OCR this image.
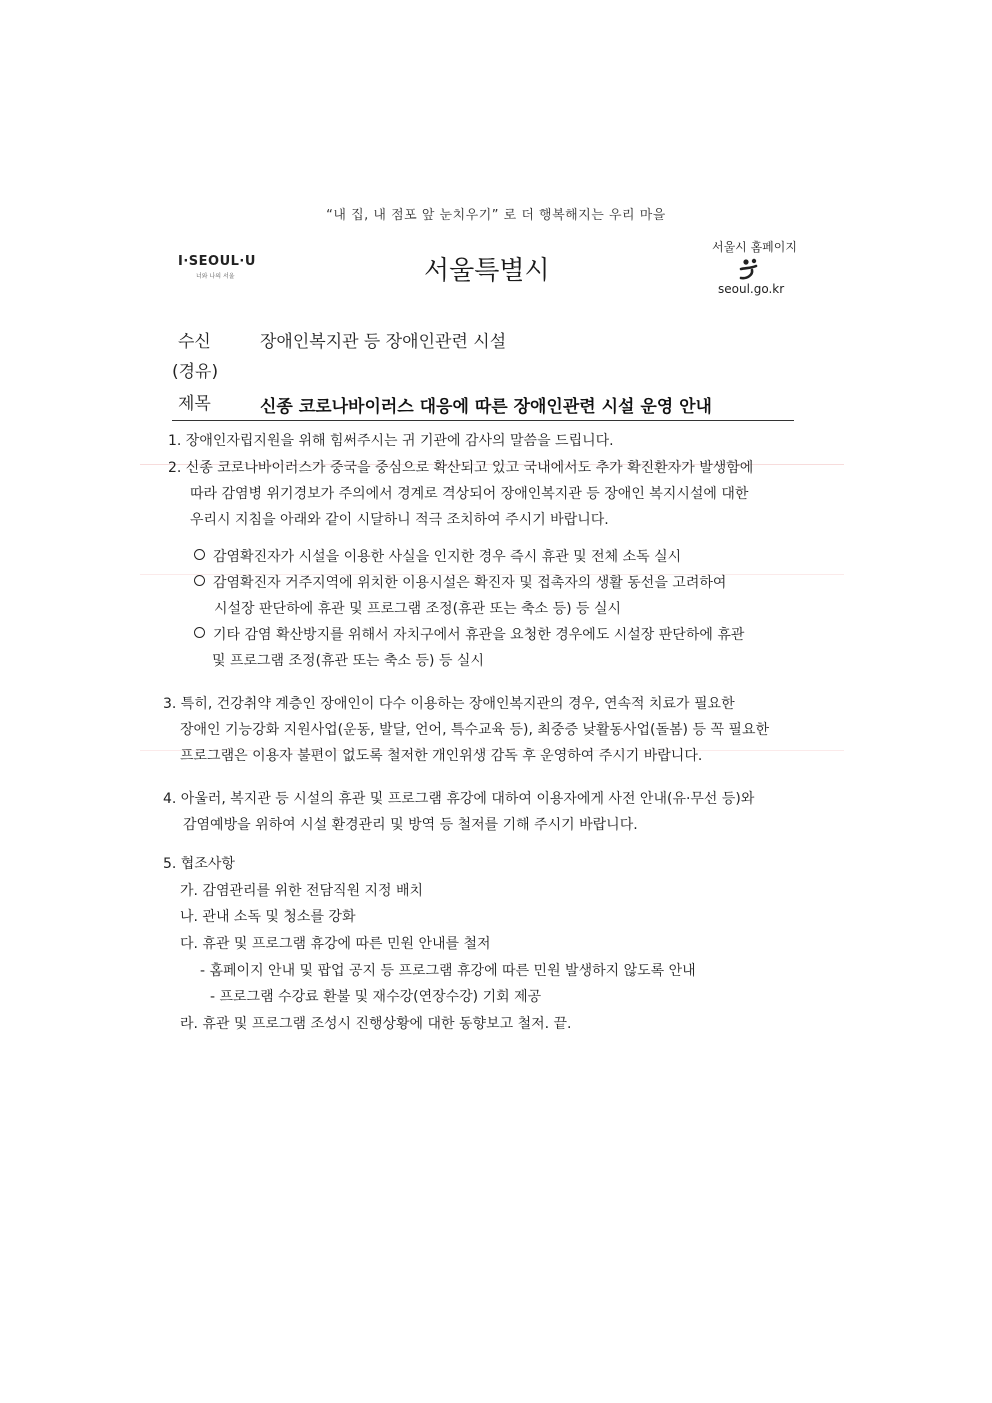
“내 집, 내 점포 앞 눈치우기” 로 더 행복해지는 우리 마을
I·SEOUL·U
너와 나의 서울	서울특별시
서울시 홈페이지
seoul.go.kr
수신	장애인복지관 등 장애인관련 시설
(경유)
제목	신종 코로나바이러스 대응에 따른 장애인관련 시설 운영 안내
1. 장애인자립지원을 위해 힘써주시는 귀 기관에 감사의 말씀을 드립니다.
2. 신종 코로나바이러스가 중국을 중심으로 확산되고 있고 국내에서도 추가 확진환자가 발생함에
따라 감염병 위기경보가 주의에서 경계로 격상되어 장애인복지관 등 장애인 복지시설에 대한
우리시 지침을 아래와 같이 시달하니 적극 조치하여 주시기 바랍니다.
감염확진자가 시설을 이용한 사실을 인지한 경우 즉시 휴관 및 전체 소독 실시
감염확진자 거주지역에 위치한 이용시설은 확진자 및 접촉자의 생활 동선을 고려하여
시설장 판단하에 휴관 및 프로그램 조정(휴관 또는 축소 등) 등 실시
기타 감염 확산방지를 위해서 자치구에서 휴관을 요청한 경우에도 시설장 판단하에 휴관
및 프로그램 조정(휴관 또는 축소 등) 등 실시
3. 특히, 건강취약 계층인 장애인이 다수 이용하는 장애인복지관의 경우, 연속적 치료가 필요한
장애인 기능강화 지원사업(운동, 발달, 언어, 특수교육 등), 최중증 낮활동사업(돌봄) 등 꼭 필요한
프로그램은 이용자 불편이 없도록 철저한 개인위생 감독 후 운영하여 주시기 바랍니다.
4. 아울러, 복지관 등 시설의 휴관 및 프로그램 휴강에 대하여 이용자에게 사전 안내(유·무선 등)와
감염예방을 위하여 시설 환경관리 및 방역 등 철저를 기해 주시기 바랍니다.
5. 협조사항
가. 감염관리를 위한 전담직원 지정 배치
나. 관내 소독 및 청소를 강화
다. 휴관 및 프로그램 휴강에 따른 민원 안내를 철저
- 홈페이지 안내 및 팝업 공지 등 프로그램 휴강에 따른 민원 발생하지 않도록 안내
- 프로그램 수강료 환불 및 재수강(연장수강) 기회 제공
라. 휴관 및 프로그램 조성시 진행상황에 대한 동향보고 철저. 끝.
